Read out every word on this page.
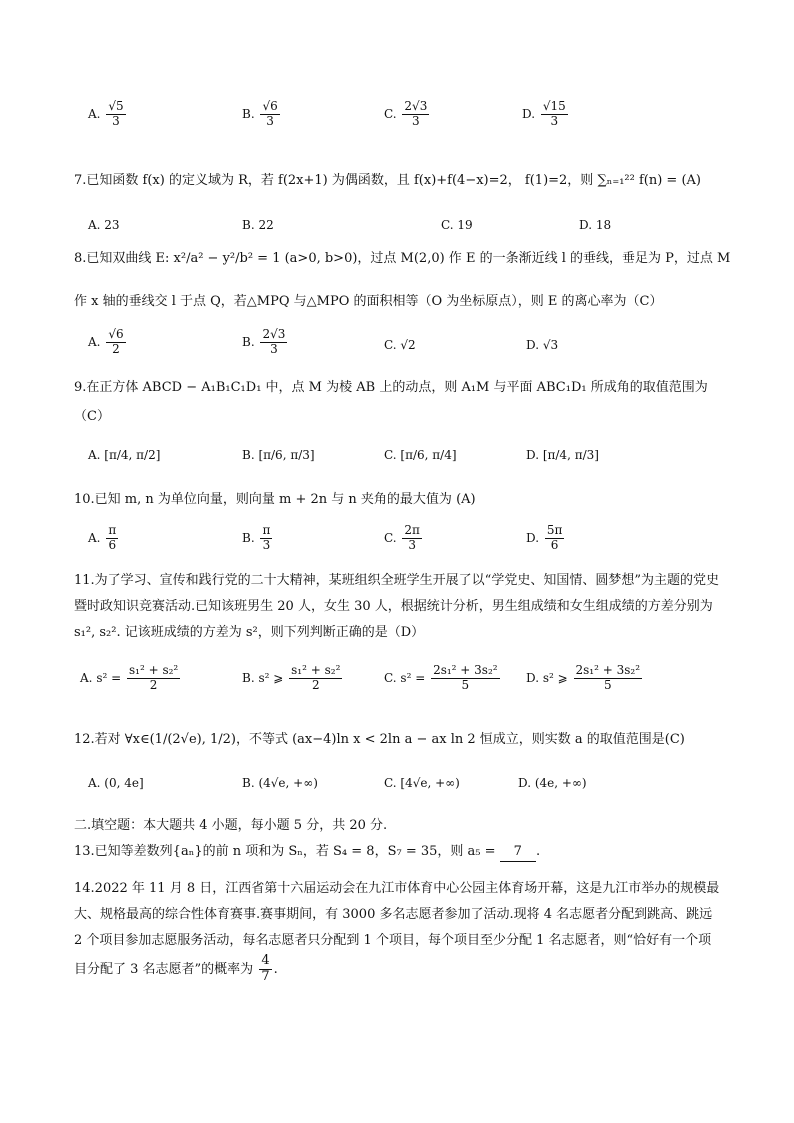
A. $\frac{√5}{3}$	B. $\frac{√6}{3}$	C. $\frac{2√3}{3}$	D. $\frac{√15}{3}$
7.已知函数 f(x) 的定义域为 R，若 f(2x+1) 为偶函数，且 f(x)+f(4−x)=2， f(1)=2，则 ∑ₙ₌₁²² f(n) = (A)
A. 23	B. 22	C. 19	D. 18
8.已知双曲线 E: x²/a² − y²/b² = 1 (a>0, b>0)，过点 M(2,0) 作 E 的一条渐近线 l 的垂线，垂足为 P，过点 M
作 x 轴的垂线交 l 于点 Q，若△MPQ 与△MPO 的面积相等（O 为坐标原点），则 E 的离心率为（C）
A. $\frac{√6}{2}$	B. $\frac{2√3}{3}$	C. √2	D. √3
9.在正方体 ABCD − A₁B₁C₁D₁ 中，点 M 为棱 AB 上的动点，则 A₁M 与平面 ABC₁D₁ 所成角的取值范围为
（C）
A. [π/4, π/2]	B. [π/6, π/3]	C. [π/6, π/4]	D. [π/4, π/3]
10.已知 m, n 为单位向量，则向量 m + 2n 与 n 夹角的最大值为 (A)
A. $\frac{\pi}{6}$	B. $\frac{\pi}{3}$	C. $\frac{2\pi}{3}$	D. $\frac{5\pi}{6}$
11.为了学习、宣传和践行党的二十大精神，某班组织全班学生开展了以“学党史、知国情、圆梦想”为主题的党史暨时政知识竞赛活动.已知该班男生 20 人，女生 30 人，根据统计分析，男生组成绩和女生组成绩的方差分别为 s₁², s₂². 记该班成绩的方差为 s²，则下列判断正确的是（D）
A. $s^2 = \frac{\text{s₁² + s₂²}}{2}$	B. s² ⩾ $\frac{\text{s₁² + s₂²}}{2}$	C. $s^2 = \frac{\text{2s₁² + 3s₂²}}{5} D$. s² ⩾ $\frac{\text{2s₁² + 3s₂²}}{5}$
12.若对 ∀x∈(1/(2√e), 1/2)，不等式 (ax−4)ln x < 2ln a − ax ln 2 恒成立，则实数 a 的取值范围是(C)
A. (0, 4e]	B. (4√e, +∞)	C. [4√e, +∞)	D. (4e, +∞)
二.填空题：本大题共 4 小题，每小题 5 分，共 20 分.
13.已知等差数列{aₙ}的前 n 项和为 Sₙ，若 S₄ = 8，S₇ = 35，则 a₅ = 7 .
14.2022 年 11 月 8 日，江西省第十六届运动会在九江市体育中心公园主体育场开幕，这是九江市举办的规模最大、规格最高的综合性体育赛事.赛事期间，有 3000 多名志愿者参加了活动.现将 4 名志愿者分配到跳高、跳远 2 个项目参加志愿服务活动，每名志愿者只分配到 1 个项目，每个项目至少分配 1 名志愿者，则“恰好有一个项目分配了 3 名志愿者”的概率为 $\frac{4}{7}$ .
